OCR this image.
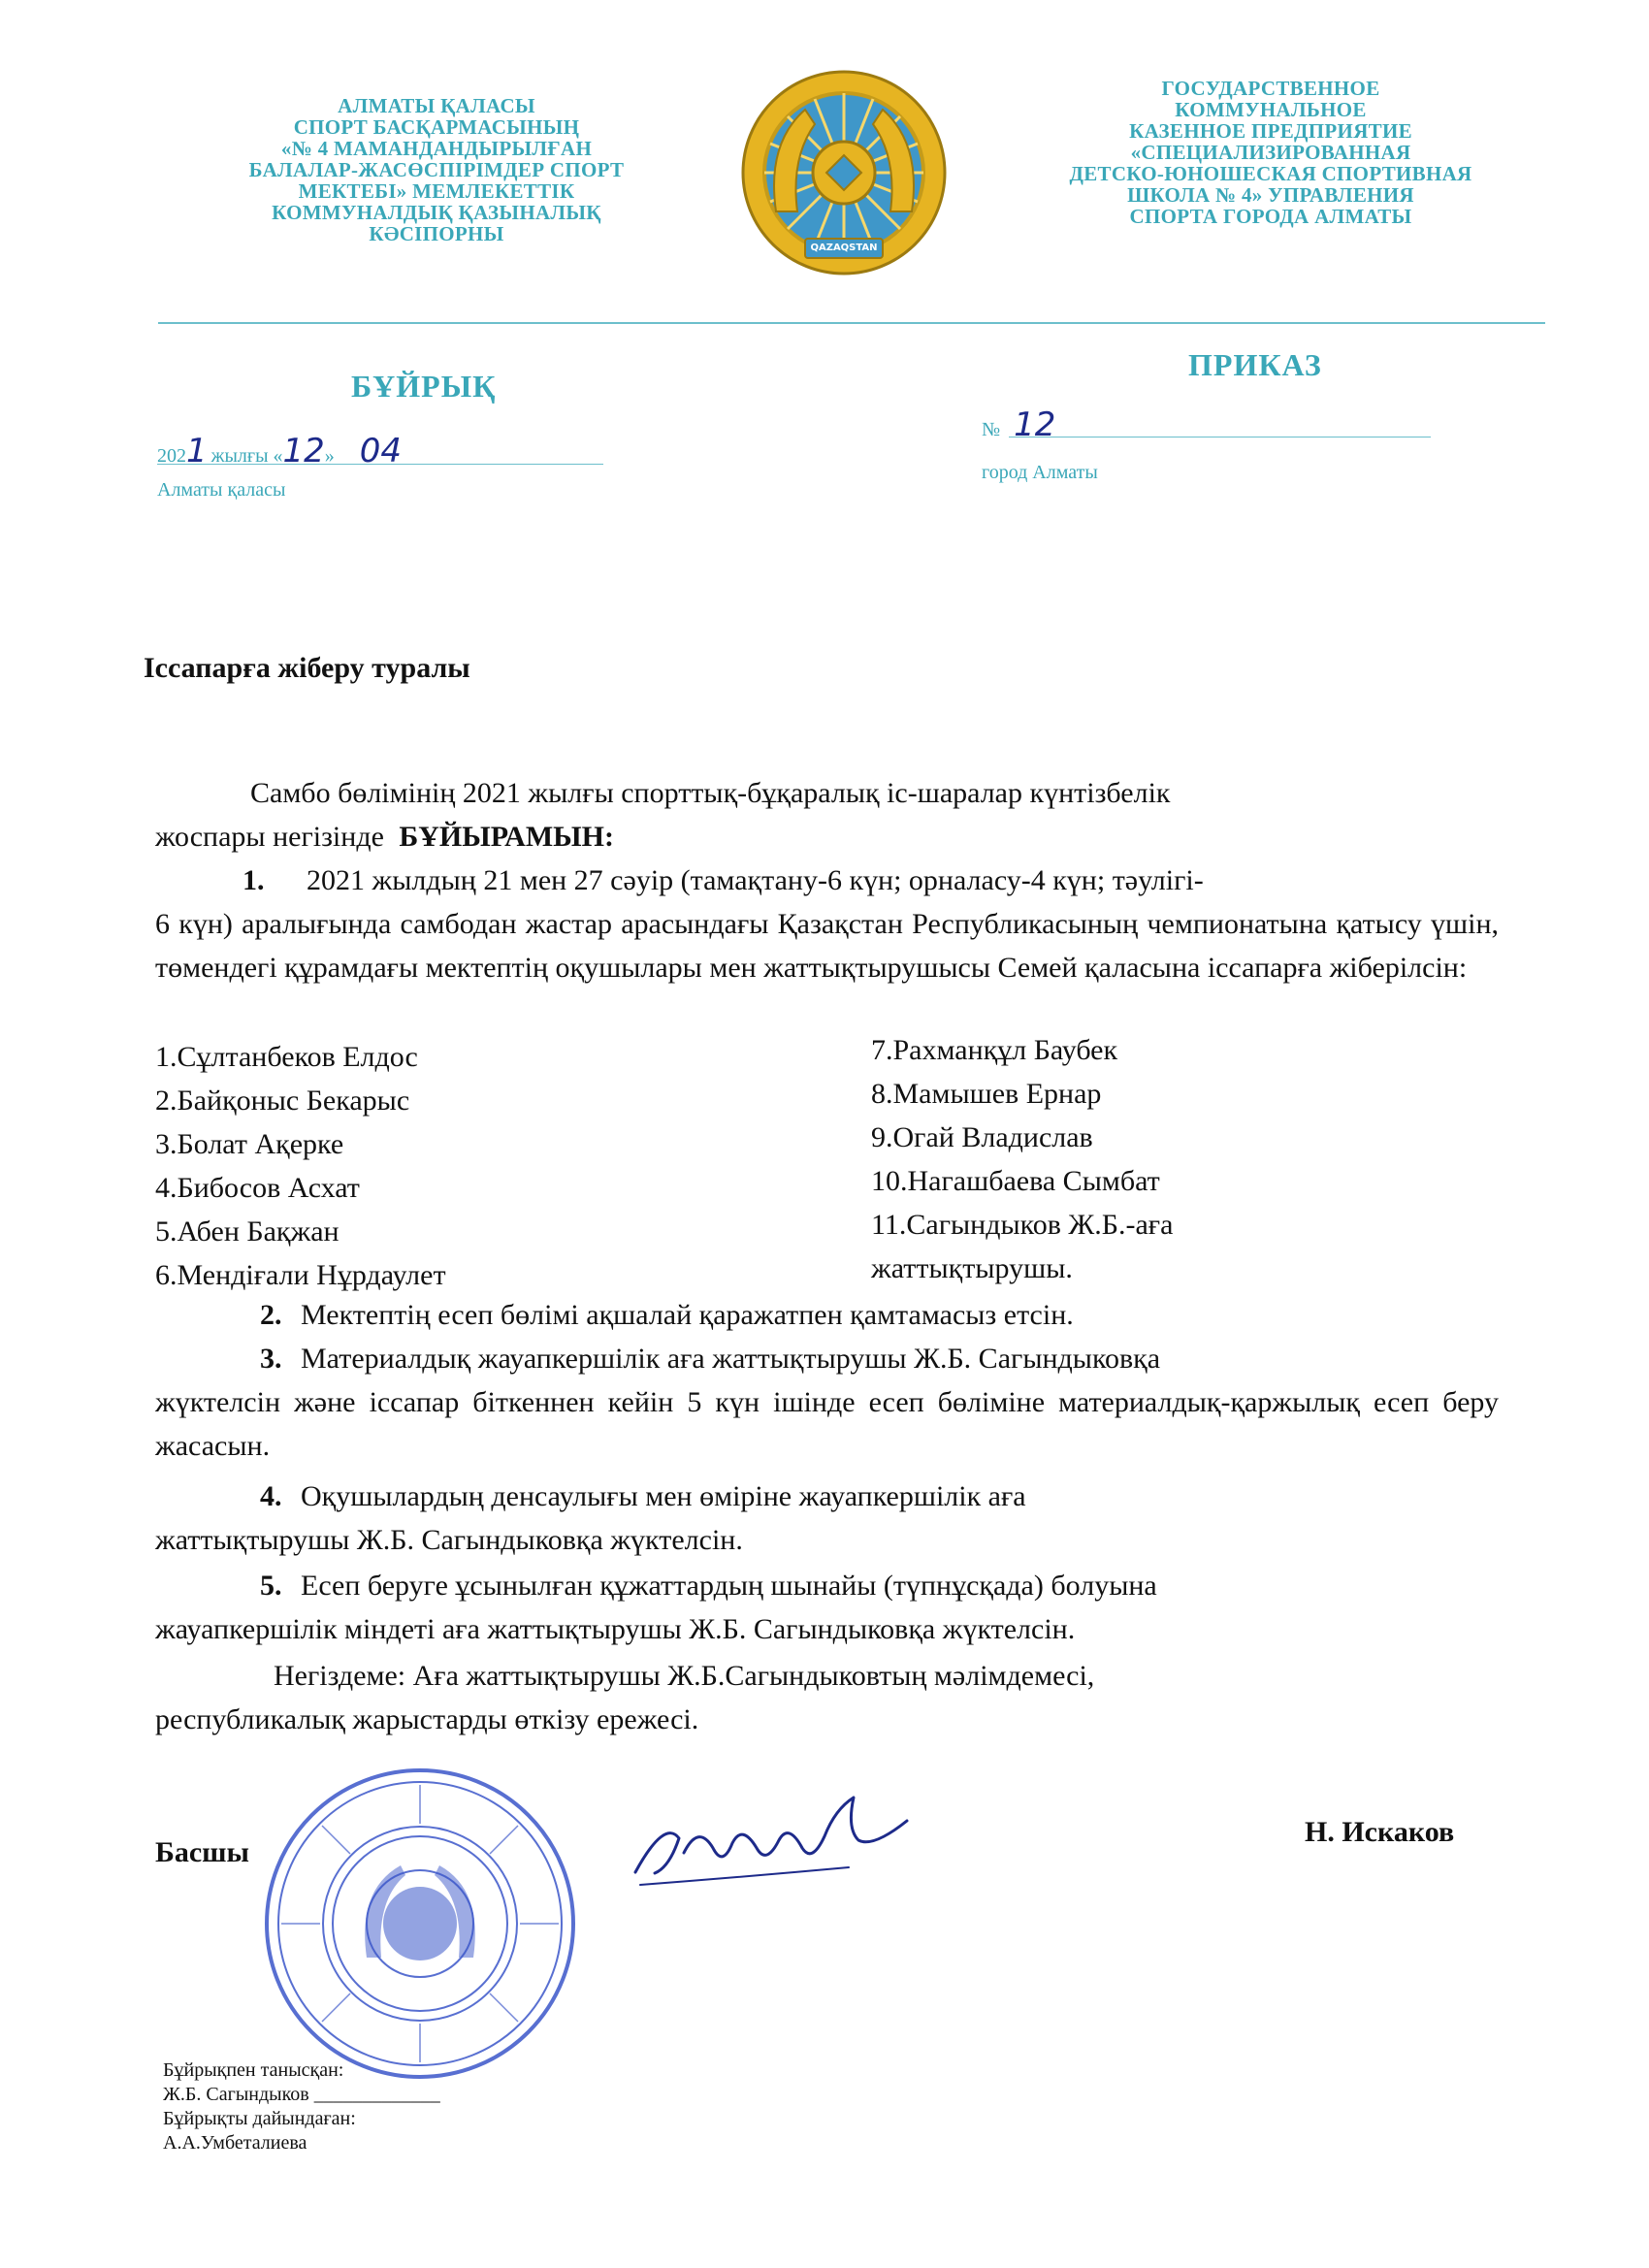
АЛМАТЫ ҚАЛАСЫ
СПОРТ БАСҚАРМАСЫНЫҢ
«№ 4 МАМАНДАНДЫРЫЛҒАН
БАЛАЛАР-ЖАСӨСПІРІМДЕР СПОРТ
МЕКТЕБІ» МЕМЛЕКЕТТІК
КОММУНАЛДЫҚ ҚАЗЫНАЛЫҚ
КӘСІПОРНЫ
QAZAQSTAN
ГОСУДАРСТВЕННОЕ
КОММУНАЛЬНОЕ
КАЗЕННОЕ ПРЕДПРИЯТИЕ
«СПЕЦИАЛИЗИРОВАННАЯ
ДЕТСКО-ЮНОШЕСКАЯ СПОРТИВНАЯ
ШКОЛА № 4» УПРАВЛЕНИЯ
СПОРТА ГОРОДА АЛМАТЫ
БҰЙРЫҚ
ПРИКАЗ
2021 жылғы «12» 04
Алматы қаласы
№ 12
город Алматы
Іссапарға жіберу туралы
Самбо бөлімінің 2021 жылғы спорттық-бұқаралық іс-шаралар күнтізбелік
жоспары негізінде БҰЙЫРАМЫН:
1. 2021 жылдың 21 мен 27 сәуір (тамақтану-6 күн; орналасу-4 күн; тәулігі-
6 күн) аралығында самбодан жастар арасындағы Қазақстан Республикасының чемпионатына қатысу үшін, төмендегі құрамдағы мектептің оқушылары мен жаттықтырушысы Семей қаласына іссапарға жіберілсін:
1.Сұлтанбеков Елдос
2.Байқоныс Бекарыс
3.Болат Ақерке
4.Бибосов Асхат
5.Абен Бақжан
6.Мендіғали Нұрдаулет
7.Рахманқұл Баубек
8.Мамышев Ернар
9.Огай Владислав
10.Нагашбаева Сымбат
11.Сагындыков Ж.Б.-аға
жаттықтырушы.
2. Мектептің есеп бөлімі ақшалай қаражатпен қамтамасыз етсін.
3. Материалдық жауапкершілік аға жаттықтырушы Ж.Б. Сагындыковқа
жүктелсін және іссапар біткеннен кейін 5 күн ішінде есеп бөліміне материалдық-қаржылық есеп беру жасасын.
4. Оқушылардың денсаулығы мен өміріне жауапкершілік аға
жаттықтырушы Ж.Б. Сагындыковқа жүктелсін.
5. Есеп беруге ұсынылған құжаттардың шынайы (түпнұсқада) болуына
жауапкершілік міндеті аға жаттықтырушы Ж.Б. Сагындыковқа жүктелсін.
Негіздеме: Аға жаттықтырушы Ж.Б.Сагындыковтың мәлімдемесі,
республикалық жарыстарды өткізу ережесі.
Басшы
Н. Искаков
Бұйрықпен танысқан:
Ж.Б. Сагындыков _____________
Бұйрықты дайындаған:
А.А.Умбеталиева
